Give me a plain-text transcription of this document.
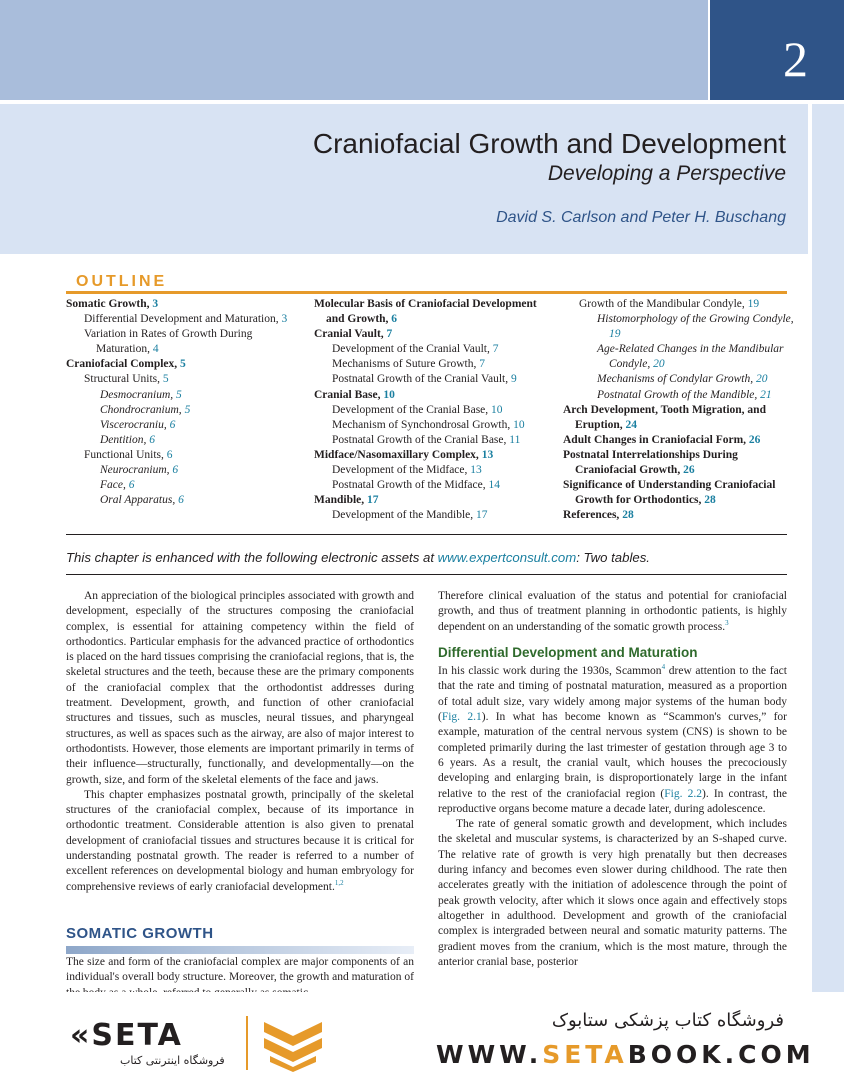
2
Craniofacial Growth and Development
Developing a Perspective
David S. Carlson and Peter H. Buschang
OUTLINE
Somatic Growth, 3
Differential Development and Maturation, 3
Variation in Rates of Growth During Maturation, 4
Craniofacial Complex, 5
Structural Units, 5
Desmocranium, 5
Chondrocranium, 5
Viscerocraniu, 6
Dentition, 6
Functional Units, 6
Neurocranium, 6
Face, 6
Oral Apparatus, 6
Molecular Basis of Craniofacial Development and Growth, 6
Cranial Vault, 7
Development of the Cranial Vault, 7
Mechanisms of Suture Growth, 7
Postnatal Growth of the Cranial Vault, 9
Cranial Base, 10
Development of the Cranial Base, 10
Mechanism of Synchondrosal Growth, 10
Postnatal Growth of the Cranial Base, 11
Midface/Nasomaxillary Complex, 13
Development of the Midface, 13
Postnatal Growth of the Midface, 14
Mandible, 17
Development of the Mandible, 17
Growth of the Mandibular Condyle, 19
Histomorphology of the Growing Condyle, 19
Age-Related Changes in the Mandibular Condyle, 20
Mechanisms of Condylar Growth, 20
Postnatal Growth of the Mandible, 21
Arch Development, Tooth Migration, and Eruption, 24
Adult Changes in Craniofacial Form, 26
Postnatal Interrelationships During Craniofacial Growth, 26
Significance of Understanding Craniofacial Growth for Orthodontics, 28
References, 28
This chapter is enhanced with the following electronic assets at www.expertconsult.com: Two tables.

An appreciation of the biological principles associated with growth and development, especially of the structures composing the craniofacial complex, is essential for attaining competency within the field of orthodontics. Particular emphasis for the advanced practice of orthodontics is placed on the hard tissues comprising the craniofacial regions, that is, the skeletal structures and the teeth, because these are the primary components of the craniofacial complex that the orthodontist addresses during treatment. Development, growth, and function of other craniofacial structures and tissues, such as muscles, neural tissues, and pharyngeal structures, as well as spaces such as the airway, are also of major interest to orthodontists. However, those elements are important primarily in terms of their influence—structurally, functionally, and developmentally—on the growth, size, and form of the skeletal elements of the face and jaws.

This chapter emphasizes postnatal growth, principally of the skeletal structures of the craniofacial complex, because of its importance in orthodontic treatment. Considerable attention is also given to prenatal development of craniofacial tissues and structures because it is critical for understanding postnatal growth. The reader is referred to a number of excellent references on developmental biology and human embryology for comprehensive reviews of early craniofacial development.$^{1,2}$

SOMATIC GROWTH
The size and form of the craniofacial complex are major components of an individual's overall body structure. Moreover, the growth and maturation of

Therefore clinical evaluation of the status and potential for craniofacial growth, and thus of treatment planning in orthodontic patients, is highly dependent on an understanding of the somatic growth process.$^3$

Differential Development and Maturation

In his classic work during the 1930s, Scammon$^4$ drew attention to the fact that the rate and timing of postnatal maturation, measured as a proportion of total adult size, vary widely among major systems of the human body (Fig. 2.1). In what has become known as “Scammon's curves,” for example, maturation of the central nervous system (CNS) is shown to be completed primarily during the last trimester of gestation through age 3 to 6 years. As a result, the cranial vault, which houses the precociously developing and enlarging brain, is disproportionately large in the infant relative to the rest of the craniofacial region (Fig. 2.2). In contrast, the reproductive organs become mature a decade later, during adolescence.

The rate of general somatic growth and development, which includes the skeletal and muscular systems, is characterized by an S-shaped curve. The relative rate of growth is very high prenatally but then decreases during infancy and becomes even slower during childhood. The rate then accelerates greatly with the initiation of adolescence through the point of peak growth velocity, after which it slows once again and effectively stops altogether in adulthood. Development and growth of the craniofacial complex is intergraded between neural and somatic maturity patterns. The gradient moves from the cranium, which is the most mature, through the anterior cranial base, posterior

«SETA
فروشگاه اینترنتی کتاب
فروشگاه کتاب پزشکی ستابوک
WWW.SETABOOK.COM
